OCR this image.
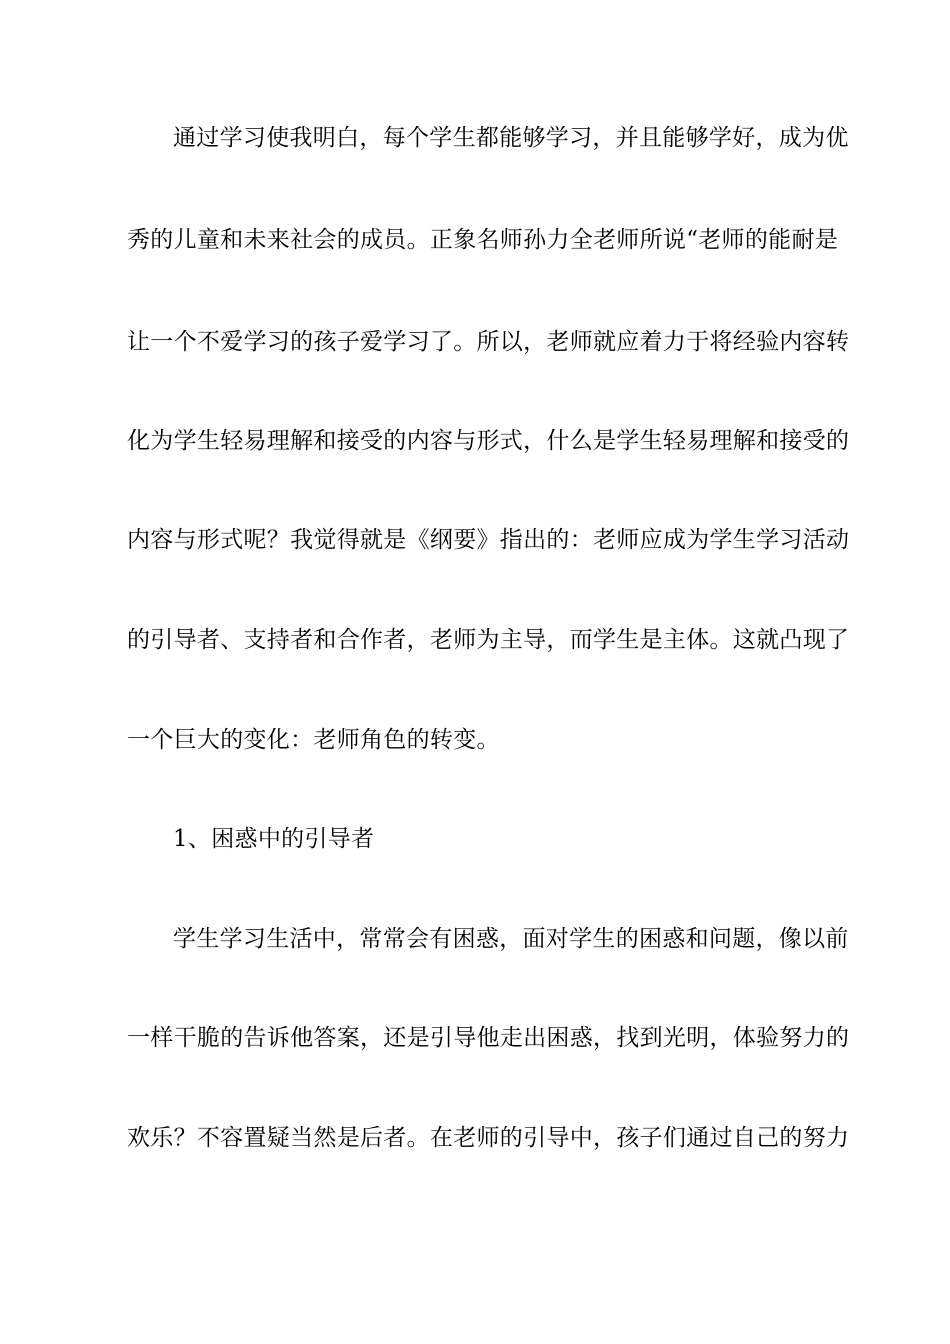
通过学习使我明白，每个学生都能够学习，并且能够学好，成为优
秀的儿童和未来社会的成员。正象名师孙力全老师所说“老师的能耐是
让一个不爱学习的孩子爱学习了。所以，老师就应着力于将经验内容转
化为学生轻易理解和接受的内容与形式，什么是学生轻易理解和接受的
内容与形式呢？我觉得就是《纲要》指出的：老师应成为学生学习活动
的引导者、支持者和合作者，老师为主导，而学生是主体。这就凸现了
一个巨大的变化：老师角色的转变。
1、困惑中的引导者
学生学习生活中，常常会有困惑，面对学生的困惑和问题，像以前
一样干脆的告诉他答案，还是引导他走出困惑，找到光明，体验努力的
欢乐？不容置疑当然是后者。在老师的引导中，孩子们通过自己的努力
